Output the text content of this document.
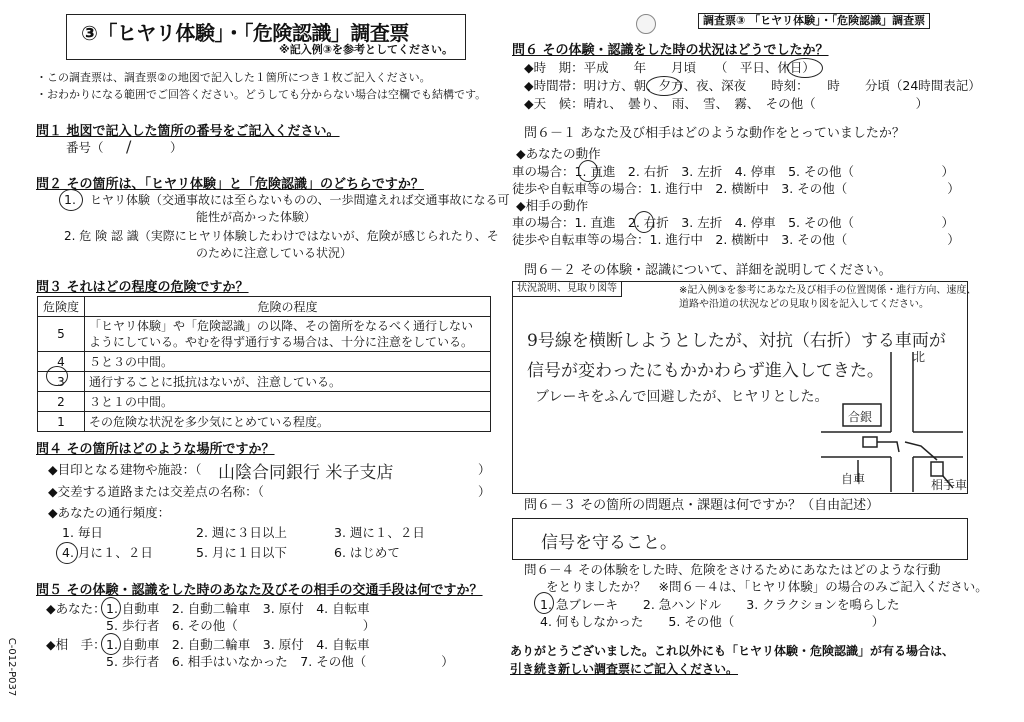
③「ヒヤリ体験」・「危険認識」調査票
※記入例③を参考としてください。
調査票③ 「ヒヤリ体験」・「危険認識」調査票
・この調査票は、調査票②の地図で記入した１箇所につき１枚ご記入ください。
・おわかりになる範囲でご回答ください。どうしても分からない場合は空欄でも結構です。
問１ 地図で記入した箇所の番号をご記入ください。
番号（ /	）
問２ その箇所は、「ヒヤリ体験」と「危険認識」のどちらですか？
1. ヒヤリ体験（交通事故には至らないものの、一歩間違えれば交通事故になる可
能性が高かった体験）
2. 危 険 認 識（実際にヒヤリ体験したわけではないが、危険が感じられたり、そ
のために注意している状況）
問３ それはどの程度の危険ですか？
危険度	危険の程度
5	「ヒヤリ体験」や「危険認識」の以降、その箇所をなるべく通行しない
ようにしている。やむを得ず通行する場合は、十分に注意をしている。

4	５と３の中間。
3	通行することに抵抗はないが、注意している。
2	３と１の中間。
1	その危険な状況を多少気にとめている程度。
問４ その箇所はどのような場所ですか？
◆目印となる建物や施設：（ 山陰合同銀行 米子支店	）
◆交差する道路または交差点の名称：（	）
◆あなたの通行頻度：
1. 毎日	2. 週に３日以上	3. 週に１、２日
4. 月に１、２日	5. 月に１日以下	6. はじめて
問５ その体験・認識をした時のあなた及びその相手の交通手段は何ですか？
◆あなた： 1. 自動車　2. 自動二輪車　3. 原付　4. 自転車
5. 歩行者　6. その他（　　　　　　　　　　）
◆相　手： 1. 自動車　2. 自動二輪車　3. 原付　4. 自転車
5. 歩行者　6. 相手はいなかった　7. その他（　　　　　　）
C-012-P037
問６ その体験・認識をした時の状況はどうでしたか？
◆時　期：平成　　年　　月頃　　（　平日、休日）
◆時間帯：明け方、朝、夕方、夜、深夜　　時刻：　　時　　分頃（24時間表記）
◆天　候：晴れ、　曇り、　雨、　雪、　霧、　その他（　　　　　　　　）
問６－１ あなた及び相手はどのような動作をとっていましたか？
◆あなたの動作
車の場合：1. 直進　2. 右折　3. 左折　4. 停車　5. その他（　　　　　　　）
徒歩や自転車等の場合：1. 進行中　2. 横断中　3. その他（　　　　　　　　）
◆相手の動作
車の場合：1. 直進　2. 右折　3. 左折　4. 停車　5. その他（　　　　　　　）
徒歩や自転車等の場合：1. 進行中　2. 横断中　3. その他（　　　　　　　　）
問６－２ その体験・認識について、詳細を説明してください。
状況説明、見取り図等	※記入例③を参考にあなた及び相手の位置関係・進行方向、速度、
道路や沿道の状況などの見取り図を記入してください。
9号線を横断しようとしたが、対抗（右折）する車両が
信号が変わったにもかかわらず進入してきた。
ブレーキをふんで回避したが、ヒヤリとした。
合銀
北
自車	相手車
問６－３ その箇所の問題点・課題は何ですか？（自由記述）
信号を守ること。
問６－４ その体験をした時、危険をさけるためにあなたはどのような行動
をとりましたか？　※問６－４は、「ヒヤリ体験」の場合のみご記入ください。
1. 急ブレーキ　　2. 急ハンドル　　3. クラクションを鳴らした
4. 何もしなかった　　5. その他（　　　　　　　　　　　）
ありがとうございました。これ以外にも「ヒヤリ体験・危険認識」が有る場合は、
引き続き新しい調査票にご記入ください。
